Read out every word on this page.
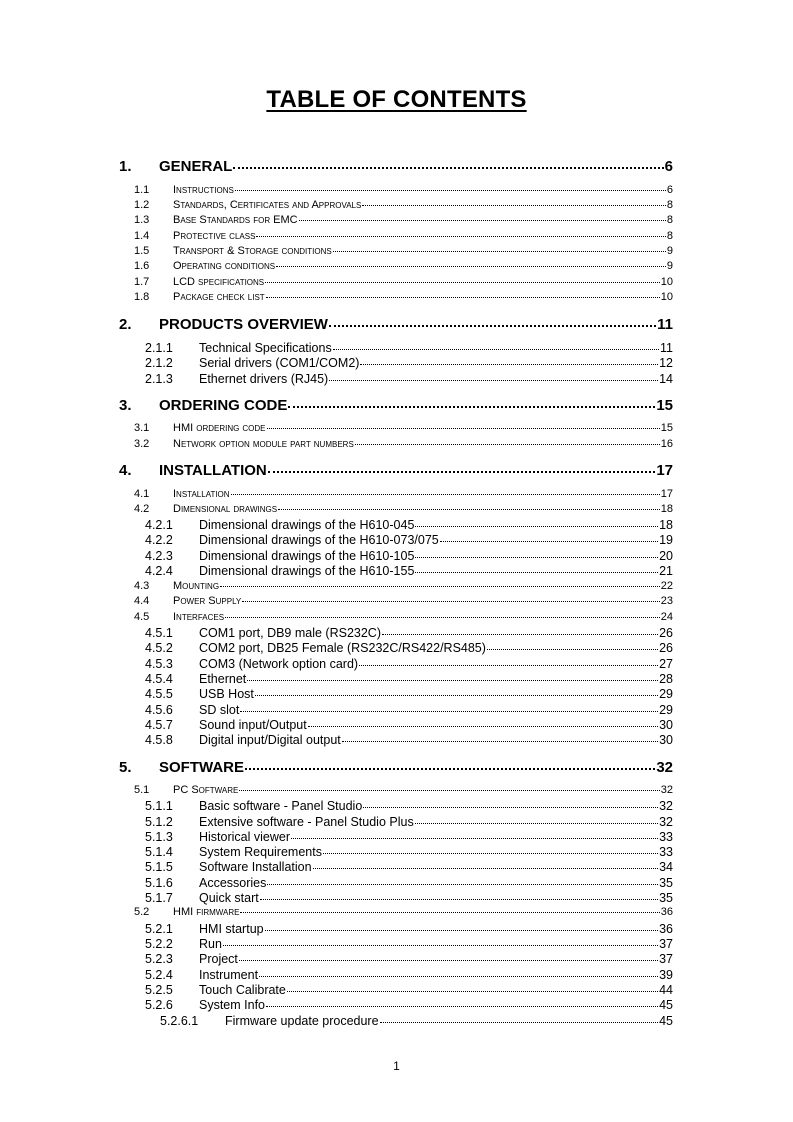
TABLE OF CONTENTS
1. GENERAL	6
1.1 Instructions	6
1.2 Standards, Certificates and Approvals	8
1.3 Base Standards for EMC	8
1.4 Protective class	8
1.5 Transport & Storage conditions	9
1.6 Operating conditions	9
1.7 LCD specifications	10
1.8 Package check list	10
2. PRODUCTS OVERVIEW	11
2.1.1 Technical Specifications	11
2.1.2 Serial drivers (COM1/COM2)	12
2.1.3 Ethernet drivers (RJ45)	14
3. ORDERING CODE	15
3.1 HMI ordering code	15
3.2 Network option module part numbers	16
4. INSTALLATION	17
4.1 Installation	17
4.2 Dimensional drawings	18
4.2.1 Dimensional drawings of the H610-045	18
4.2.2 Dimensional drawings of the H610-073/075	19
4.2.3 Dimensional drawings of the H610-105	20
4.2.4 Dimensional drawings of the H610-155	21
4.3 Mounting	22
4.4 Power Supply	23
4.5 Interfaces	24
4.5.1 COM1 port, DB9 male (RS232C)	26
4.5.2 COM2 port, DB25 Female (RS232C/RS422/RS485)	26
4.5.3 COM3 (Network option card)	27
4.5.4 Ethernet	28
4.5.5 USB Host	29
4.5.6 SD slot	29
4.5.7 Sound input/Output	30
4.5.8 Digital input/Digital output	30
5. SOFTWARE	32
5.1 PC Software	32
5.1.1 Basic software - Panel Studio	32
5.1.2 Extensive software - Panel Studio Plus	32
5.1.3 Historical viewer	33
5.1.4 System Requirements	33
5.1.5 Software Installation	34
5.1.6 Accessories	35
5.1.7 Quick start	35
5.2 HMI firmware	36
5.2.1 HMI startup	36
5.2.2 Run	37
5.2.3 Project	37
5.2.4 Instrument	39
5.2.5 Touch Calibrate	44
5.2.6 System Info	45
5.2.6.1 Firmware update procedure	45
1
